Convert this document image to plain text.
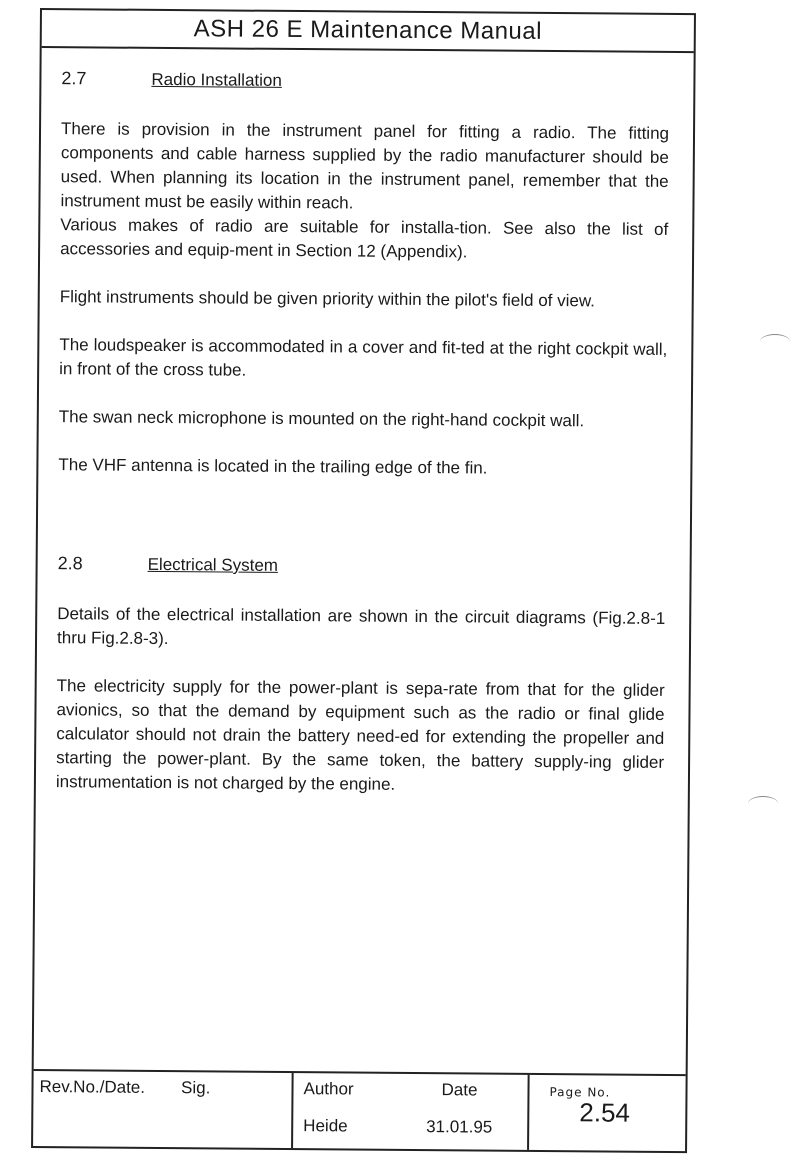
ASH 26 E Maintenance Manual
2.7	Radio Installation

There is provision in the instrument panel for fitting a radio. The fitting components and cable harness supplied by the radio manufacturer should be used. When planning its location in the instrument panel, remember that the instrument must be easily within reach.

Various makes of radio are suitable for installa-tion. See also the list of accessories and equip-ment in Section 12 (Appendix).

Flight instruments should be given priority within the pilot's field of view.

The loudspeaker is accommodated in a cover and fit-ted at the right cockpit wall, in front of the cross tube.

The swan neck microphone is mounted on the right-hand cockpit wall.

The VHF antenna is located in the trailing edge of the fin.

2.8	Electrical System

Details of the electrical installation are shown in the circuit diagrams (Fig.2.8-1 thru Fig.2.8-3).

The electricity supply for the power-plant is sepa-rate from that for the glider avionics, so that the demand by equipment such as the radio or final glide calculator should not drain the battery need-ed for extending the propeller and starting the power-plant. By the same token, the battery supply-ing glider instrumentation is not charged by the engine.

Rev.No./Date. Sig.	Author	Date
Heide	31.01.95
Page No.
2.54
